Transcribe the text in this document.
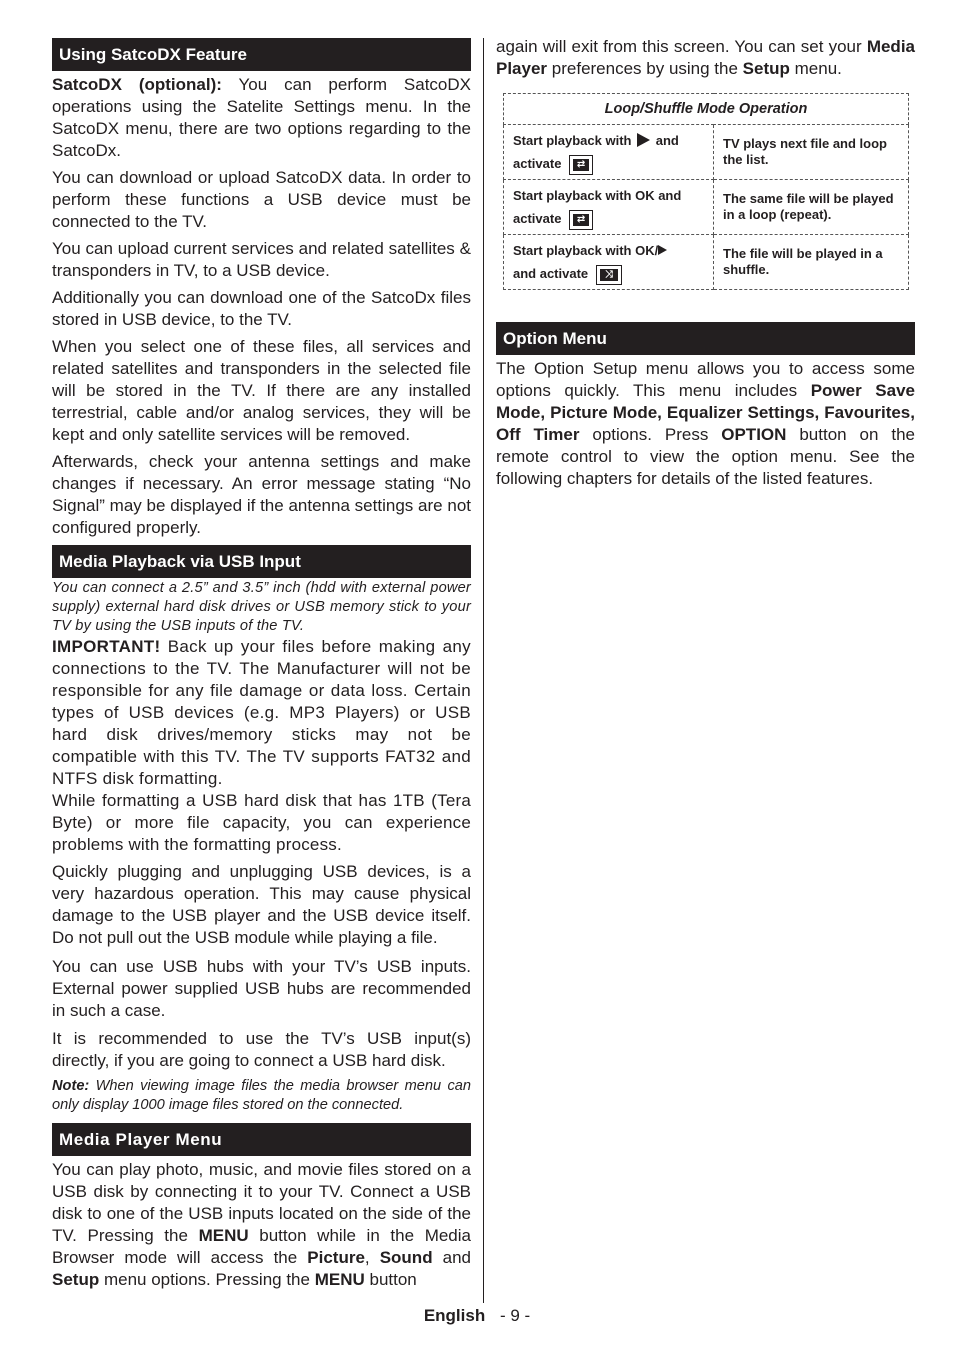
Using SatcoDX Feature

SatcoDX (optional): You can perform SatcoDX operations using the Satelite Settings menu. In the SatcoDX menu, there are two options regarding to the SatcoDx.

You can download or upload SatcoDX data. In order to perform these functions a USB device must be connected to the TV.

You can upload current services and related satellites & transponders in TV, to a USB device.

Additionally you can download one of the SatcoDx files stored in USB device, to the TV.

When you select one of these files, all services and related satellites and transponders in the selected file will be stored in the TV. If there are any installed terrestrial, cable and/or analog services, they will be kept and only satellite services will be removed.

Afterwards, check your antenna settings and make changes if necessary. An error message stating “No Signal” may be displayed if the antenna settings are not configured properly.

Media Playback via USB Input

You can connect a 2.5” and 3.5” inch (hdd with external power supply) external hard disk drives or USB memory stick to your TV by using the USB inputs of the TV.

IMPORTANT! Back up your files before making any connections to the TV. The Manufacturer will not be responsible for any file damage or data loss. Certain types of USB devices (e.g. MP3 Players) or USB hard disk drives/memory sticks may not be compatible with this TV. The TV supports FAT32 and NTFS disk formatting.

While formatting a USB hard disk that has 1TB (Tera Byte) or more file capacity, you can experience problems with the formatting process.

Quickly plugging and unplugging USB devices, is a very hazardous operation. This may cause physical damage to the USB player and the USB device itself. Do not pull out the USB module while playing a file.

You can use USB hubs with your TV’s USB inputs. External power supplied USB hubs are recommended in such a case.

It is recommended to use the TV’s USB input(s) directly, if you are going to connect a USB hard disk.

Note: When viewing image files the media browser menu can only display 1000 image files stored on the connected.

Media Player Menu

You can play photo, music, and movie files stored on a USB disk by connecting it to your TV. Connect a USB disk to one of the USB inputs located on the side of the TV. Pressing the MENU button while in the Media Browser mode will access the Picture, Sound and Setup menu options. Pressing the MENU button

again will exit from this screen. You can set your Media Player preferences by using the Setup menu.

Loop/Shuffle Mode Operation	
Start playback with and
activate ⇄	TV plays next file and loop the list.
Start playback with OK and
activate ⇄	The same file will be played in a loop (repeat).
Start playback with OK/
and activate ⤨	The file will be played in a shuffle.
Option Menu

The Option Setup menu allows you to access some options quickly. This menu includes Power Save Mode, Picture Mode, Equalizer Settings, Favourites, Off Timer options. Press OPTION button on the remote control to view the option menu. See the following chapters for details of the listed features.

English - 9 -
